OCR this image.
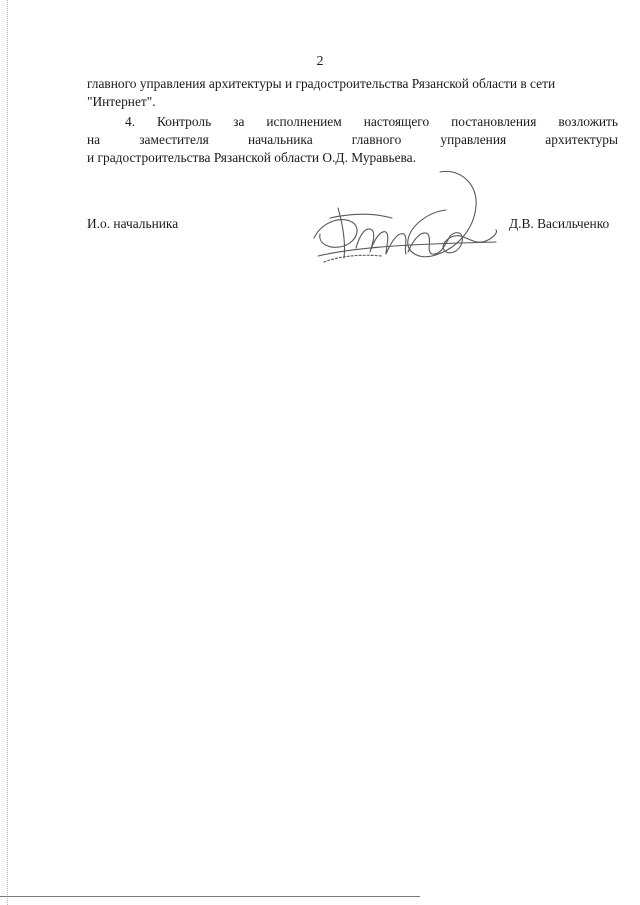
2
главного управления архитектуры и градостроительства Рязанской области в сети
"Интернет".
4. Контроль за исполнением настоящего постановления возложить
на	заместителя	начальника	главного	управления	архитектуры
и градостроительства Рязанской области О.Д. Муравьева.
И.о. начальника	Д.В. Васильченко
